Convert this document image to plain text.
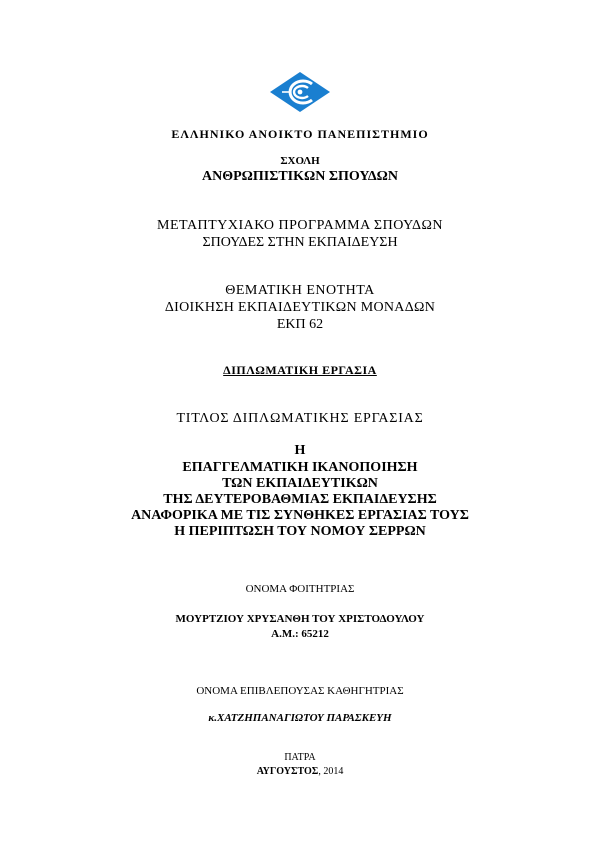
ΕΛΛΗΝΙΚΟ ΑΝΟΙΚΤΟ ΠΑΝΕΠΙΣΤΗΜΙΟ
ΣΧΟΛΗ
ΑΝΘΡΩΠΙΣΤΙΚΩΝ ΣΠΟΥΔΩΝ
ΜΕΤΑΠΤΥΧΙΑΚΟ ΠΡΟΓΡΑΜΜΑ ΣΠΟΥΔΩΝ
ΣΠΟΥΔΕΣ ΣΤΗΝ ΕΚΠΑΙΔΕΥΣΗ
ΘΕΜΑΤΙΚΗ ΕΝΟΤΗΤΑ
ΔΙΟΙΚΗΣΗ ΕΚΠΑΙΔΕΥΤΙΚΩΝ ΜΟΝΑΔΩΝ
ΕΚΠ 62
ΔΙΠΛΩΜΑΤΙΚΗ ΕΡΓΑΣΙΑ
ΤΙΤΛΟΣ ΔΙΠΛΩΜΑΤΙΚΗΣ ΕΡΓΑΣΙΑΣ
Η
ΕΠΑΓΓΕΛΜΑΤΙΚΗ ΙΚΑΝΟΠΟΙΗΣΗ
ΤΩΝ ΕΚΠΑΙΔΕΥΤΙΚΩΝ
ΤΗΣ ΔΕΥΤΕΡΟΒΑΘΜΙΑΣ ΕΚΠΑΙΔΕΥΣΗΣ
ΑΝΑΦΟΡΙΚΑ ΜΕ ΤΙΣ ΣΥΝΘΗΚΕΣ ΕΡΓΑΣΙΑΣ ΤΟΥΣ
Η ΠΕΡΙΠΤΩΣΗ ΤΟΥ ΝΟΜΟΥ ΣΕΡΡΩΝ
ΟΝΟΜΑ ΦΟΙΤΗΤΡΙΑΣ
ΜΟΥΡΤΖΙΟΥ ΧΡΥΣΑΝΘΗ ΤΟΥ ΧΡΙΣΤΟΔΟΥΛΟΥ
Α.Μ.: 65212
ΟΝΟΜΑ ΕΠΙΒΛΕΠΟΥΣΑΣ ΚΑΘΗΓΗΤΡΙΑΣ
κ.ΧΑΤΖΗΠΑΝΑΓΙΩΤΟΥ ΠΑΡΑΣΚΕΥΗ
ΠΑΤΡΑ
ΑΥΓΟΥΣΤΟΣ, 2014
